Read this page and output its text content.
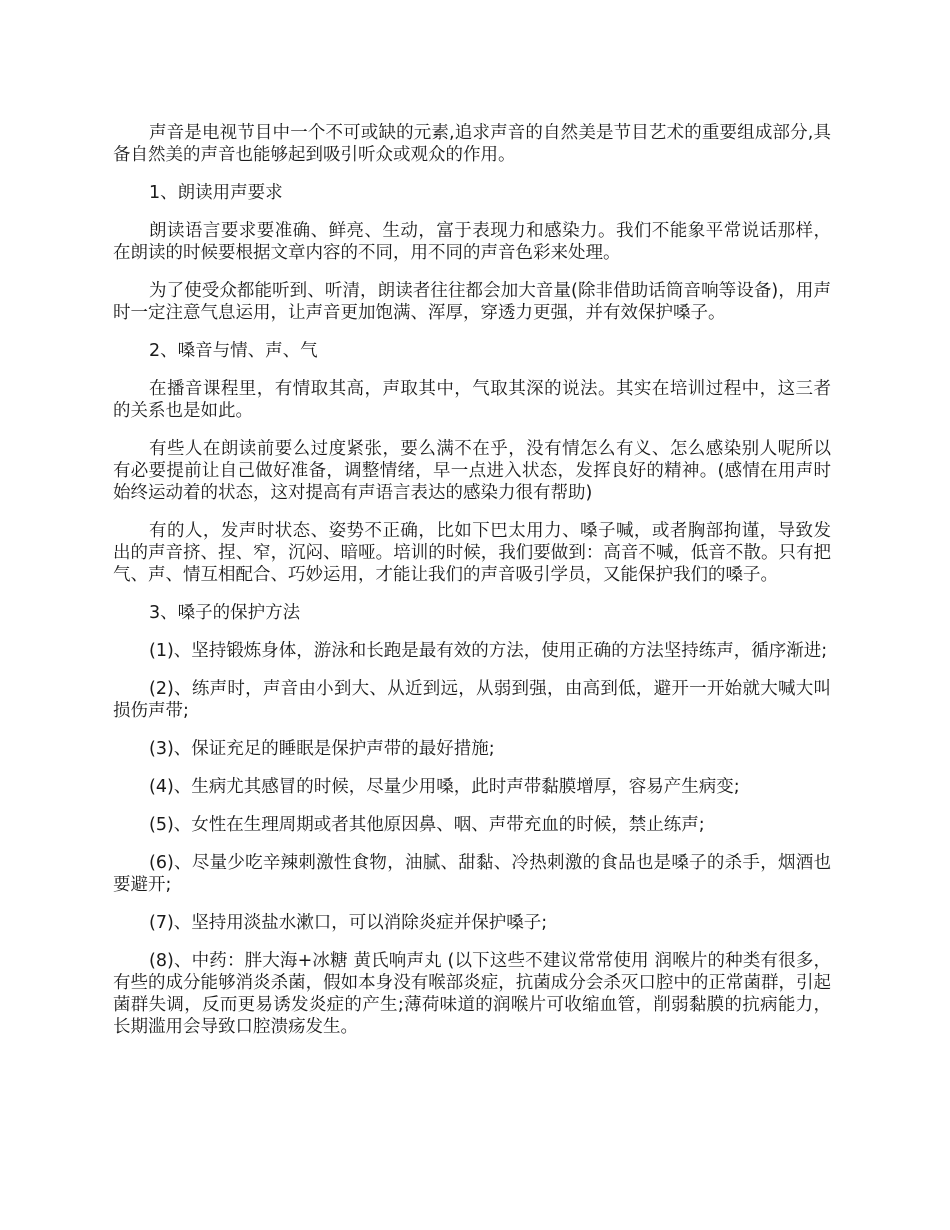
声音是电视节目中一个不可或缺的元素,追求声音的自然美是节目艺术的重要组成部分,具备自然美的声音也能够起到吸引听众或观众的作用。

1、朗读用声要求

朗读语言要求要准确、鲜亮、生动，富于表现力和感染力。我们不能象平常说话那样，在朗读的时候要根据文章内容的不同，用不同的声音色彩来处理。

为了使受众都能听到、听清，朗读者往往都会加大音量(除非借助话筒音响等设备)，用声时一定注意气息运用，让声音更加饱满、浑厚，穿透力更强，并有效保护嗓子。

2、嗓音与情、声、气

在播音课程里，有情取其高，声取其中，气取其深的说法。其实在培训过程中，这三者的关系也是如此。

有些人在朗读前要么过度紧张，要么满不在乎，没有情怎么有义、怎么感染别人呢所以有必要提前让自己做好准备，调整情绪，早一点进入状态，发挥良好的精神。(感情在用声时始终运动着的状态，这对提高有声语言表达的感染力很有帮助)

有的人，发声时状态、姿势不正确，比如下巴太用力、嗓子喊，或者胸部拘谨，导致发出的声音挤、捏、窄，沉闷、暗哑。培训的时候，我们要做到：高音不喊，低音不散。只有把气、声、情互相配合、巧妙运用，才能让我们的声音吸引学员，又能保护我们的嗓子。

3、嗓子的保护方法

(1)、坚持锻炼身体，游泳和长跑是最有效的方法，使用正确的方法坚持练声，循序渐进;

(2)、练声时，声音由小到大、从近到远，从弱到强，由高到低，避开一开始就大喊大叫损伤声带;

(3)、保证充足的睡眠是保护声带的最好措施;

(4)、生病尤其感冒的时候，尽量少用嗓，此时声带黏膜增厚，容易产生病变;

(5)、女性在生理周期或者其他原因鼻、咽、声带充血的时候，禁止练声;

(6)、尽量少吃辛辣刺激性食物，油腻、甜黏、冷热刺激的食品也是嗓子的杀手，烟酒也要避开;

(7)、坚持用淡盐水漱口，可以消除炎症并保护嗓子;

(8)、中药：胖大海+冰糖 黄氏响声丸 (以下这些不建议常常使用 润喉片的种类有很多，有些的成分能够消炎杀菌，假如本身没有喉部炎症，抗菌成分会杀灭口腔中的正常菌群，引起菌群失调，反而更易诱发炎症的产生;薄荷味道的润喉片可收缩血管，削弱黏膜的抗病能力，长期滥用会导致口腔溃疡发生。
